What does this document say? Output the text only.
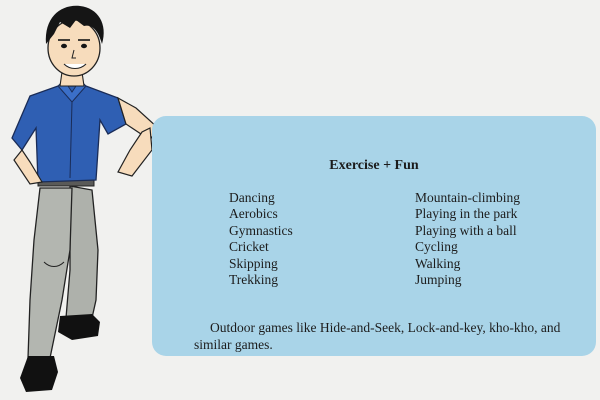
Exercise + Fun
Dancing
Aerobics
Gymnastics
Cricket
Skipping
Trekking
Mountain-climbing
Playing in the park
Playing with a ball
Cycling
Walking
Jumping

Outdoor games like Hide-and-Seek, Lock-and-key, kho-kho, and similar games.
